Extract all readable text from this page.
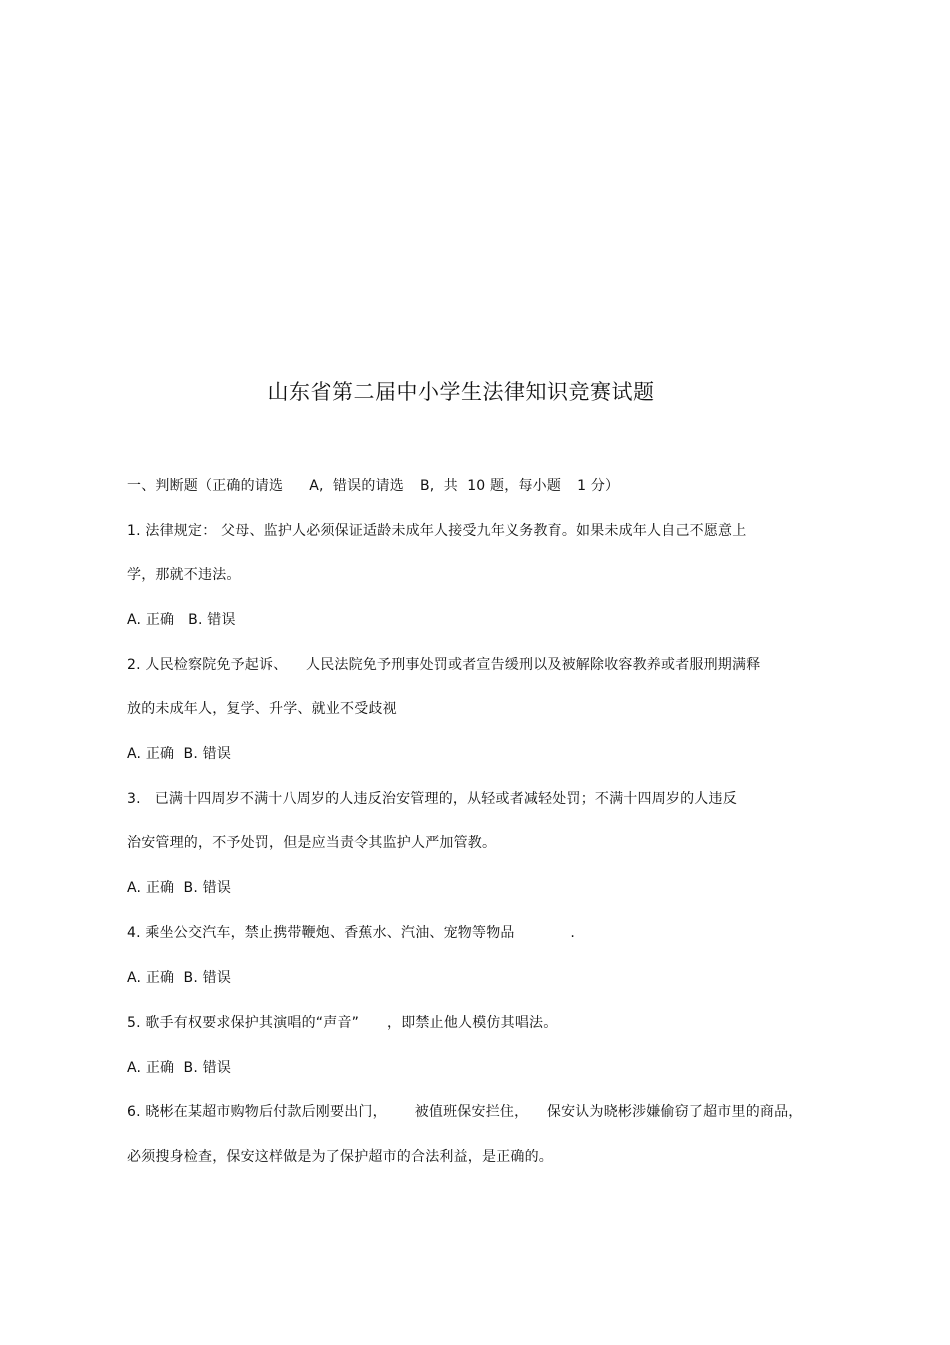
山东省第二届中小学生法律知识竞赛试题
一、判断题（正确的请选 A,  错误的请选 B,  共  10 题，每小题 1 分）
1. 法律规定： 父母、监护人必须保证适龄未成年人接受九年义务教育。如果未成年人自己不愿意上
学，那就不违法。
A. 正确   B. 错误
2. 人民检察院免予起诉、    人民法院免予刑事处罚或者宣告缓刑以及被解除收容教养或者服刑期满释
放的未成年人，复学、升学、就业不受歧视
A. 正确  B. 错误
3.   已满十四周岁不满十八周岁的人违反治安管理的，从轻或者减轻处罚；不满十四周岁的人违反
治安管理的，不予处罚，但是应当责令其监护人严加管教。
A. 正确  B. 错误
4. 乘坐公交汽车，禁止携带鞭炮、香蕉水、汽油、宠物等物品            .
A. 正确  B. 错误
5. 歌手有权要求保护其演唱的“声音”      ，即禁止他人模仿其唱法。
A. 正确  B. 错误
6. 晓彬在某超市购物后付款后刚要出门，      被值班保安拦住，    保安认为晓彬涉嫌偷窃了超市里的商品，
必须搜身检查，保安这样做是为了保护超市的合法利益，是正确的。
